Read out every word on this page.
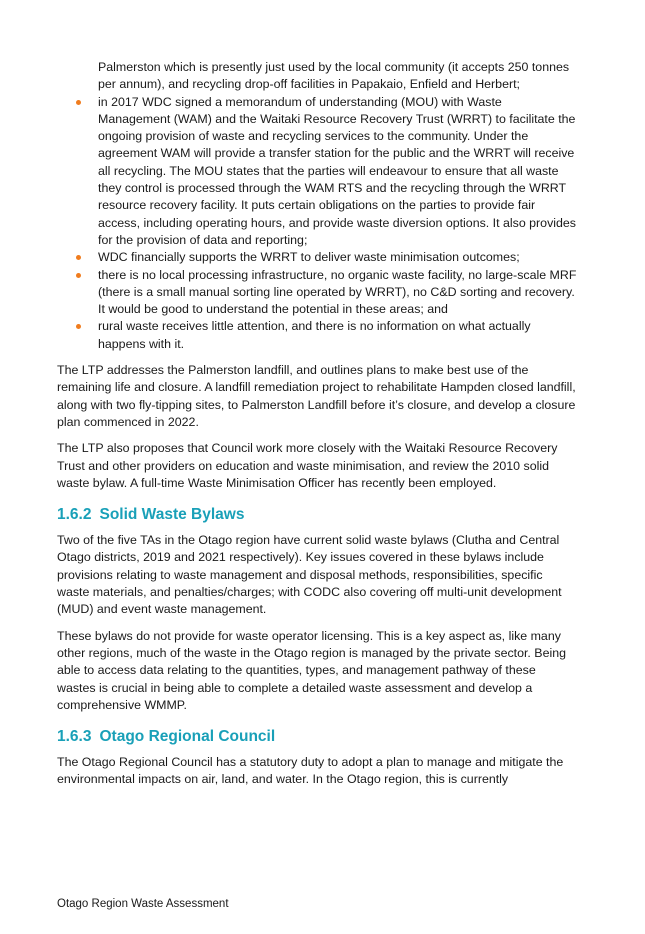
Palmerston which is presently just used by the local community (it accepts 250 tonnes per annum), and recycling drop-off facilities in Papakaio, Enfield and Herbert;

in 2017 WDC signed a memorandum of understanding (MOU) with Waste Management (WAM) and the Waitaki Resource Recovery Trust (WRRT) to facilitate the ongoing provision of waste and recycling services to the community. Under the agreement WAM will provide a transfer station for the public and the WRRT will receive all recycling. The MOU states that the parties will endeavour to ensure that all waste they control is processed through the WAM RTS and the recycling through the WRRT resource recovery facility. It puts certain obligations on the parties to provide fair access, including operating hours, and provide waste diversion options. It also provides for the provision of data and reporting;
WDC financially supports the WRRT to deliver waste minimisation outcomes;
there is no local processing infrastructure, no organic waste facility, no large-scale MRF (there is a small manual sorting line operated by WRRT), no C&D sorting and recovery. It would be good to understand the potential in these areas; and
rural waste receives little attention, and there is no information on what actually happens with it.

The LTP addresses the Palmerston landfill, and outlines plans to make best use of the remaining life and closure. A landfill remediation project to rehabilitate Hampden closed landfill, along with two fly-tipping sites, to Palmerston Landfill before it’s closure, and develop a closure plan commenced in 2022.

The LTP also proposes that Council work more closely with the Waitaki Resource Recovery Trust and other providers on education and waste minimisation, and review the 2010 solid waste bylaw. A full-time Waste Minimisation Officer has recently been employed.

1.6.2 Solid Waste Bylaws

Two of the five TAs in the Otago region have current solid waste bylaws (Clutha and Central Otago districts, 2019 and 2021 respectively). Key issues covered in these bylaws include provisions relating to waste management and disposal methods, responsibilities, specific waste materials, and penalties/charges; with CODC also covering off multi-unit development (MUD) and event waste management.

These bylaws do not provide for waste operator licensing. This is a key aspect as, like many other regions, much of the waste in the Otago region is managed by the private sector. Being able to access data relating to the quantities, types, and management pathway of these wastes is crucial in being able to complete a detailed waste assessment and develop a comprehensive WMMP.

1.6.3 Otago Regional Council

The Otago Regional Council has a statutory duty to adopt a plan to manage and mitigate the environmental impacts on air, land, and water. In the Otago region, this is currently

Otago Region Waste Assessment
